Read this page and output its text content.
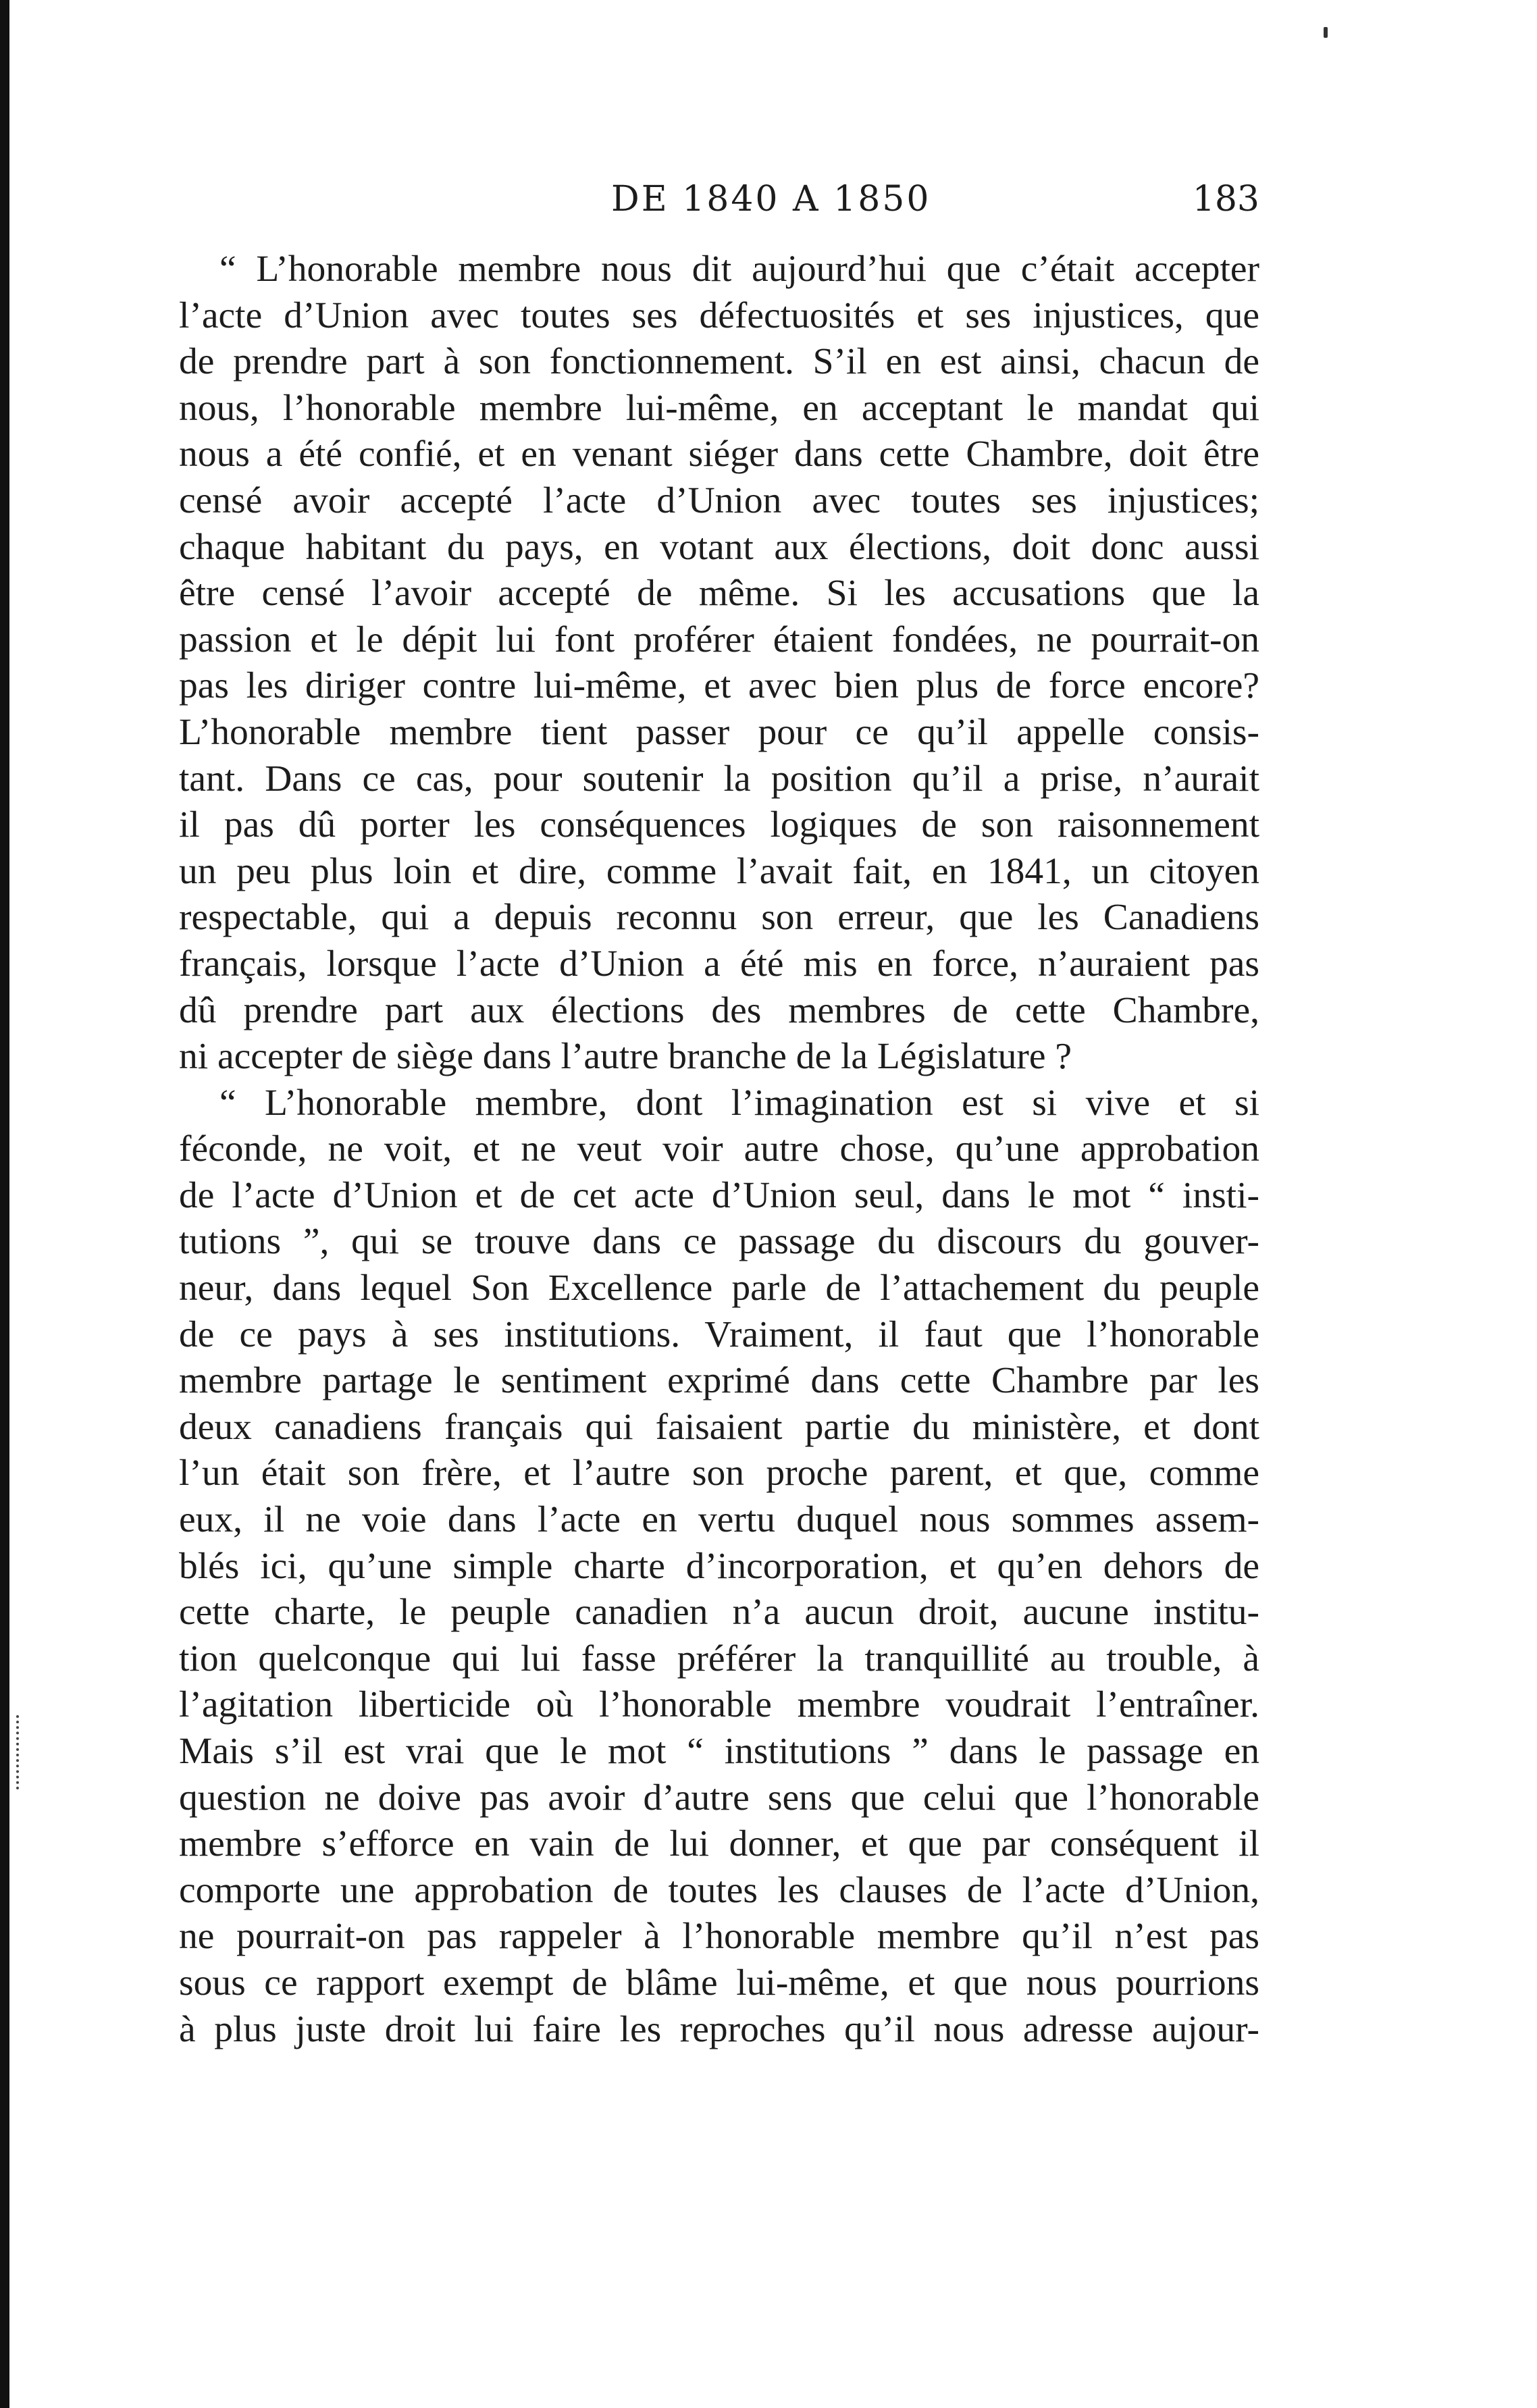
DE 1840 A 1850	183
“ L’honorable membre nous dit aujourd’hui que c’était accepter
l’acte d’Union avec toutes ses défectuosités et ses injustices, que
de prendre part à son fonctionnement. S’il en est ainsi, chacun de
nous, l’honorable membre lui-même, en acceptant le mandat qui
nous a été confié, et en venant siéger dans cette Chambre, doit être
censé avoir accepté l’acte d’Union avec toutes ses injustices;
chaque habitant du pays, en votant aux élections, doit donc aussi
être censé l’avoir accepté de même. Si les accusations que la
passion et le dépit lui font proférer étaient fondées, ne pourrait-on
pas les diriger contre lui-même, et avec bien plus de force encore?
L’honorable membre tient passer pour ce qu’il appelle consis-
tant. Dans ce cas, pour soutenir la position qu’il a prise, n’aurait
il pas dû porter les conséquences logiques de son raisonnement
un peu plus loin et dire, comme l’avait fait, en 1841, un citoyen
respectable, qui a depuis reconnu son erreur, que les Canadiens
français, lorsque l’acte d’Union a été mis en force, n’auraient pas
dû prendre part aux élections des membres de cette Chambre,
ni accepter de siège dans l’autre branche de la Législature ?
“ L’honorable membre, dont l’imagination est si vive et si
féconde, ne voit, et ne veut voir autre chose, qu’une approbation
de l’acte d’Union et de cet acte d’Union seul, dans le mot “ insti-
tutions ”, qui se trouve dans ce passage du discours du gouver-
neur, dans lequel Son Excellence parle de l’attachement du peuple
de ce pays à ses institutions. Vraiment, il faut que l’honorable
membre partage le sentiment exprimé dans cette Chambre par les
deux canadiens français qui faisaient partie du ministère, et dont
l’un était son frère, et l’autre son proche parent, et que, comme
eux, il ne voie dans l’acte en vertu duquel nous sommes assem-
blés ici, qu’une simple charte d’incorporation, et qu’en dehors de
cette charte, le peuple canadien n’a aucun droit, aucune institu-
tion quelconque qui lui fasse préférer la tranquillité au trouble, à
l’agitation liberticide où l’honorable membre voudrait l’entraîner.
Mais s’il est vrai que le mot “ institutions ” dans le passage en
question ne doive pas avoir d’autre sens que celui que l’honorable
membre s’efforce en vain de lui donner, et que par conséquent il
comporte une approbation de toutes les clauses de l’acte d’Union,
ne pourrait-on pas rappeler à l’honorable membre qu’il n’est pas
sous ce rapport exempt de blâme lui-même, et que nous pourrions
à plus juste droit lui faire les reproches qu’il nous adresse aujour-
